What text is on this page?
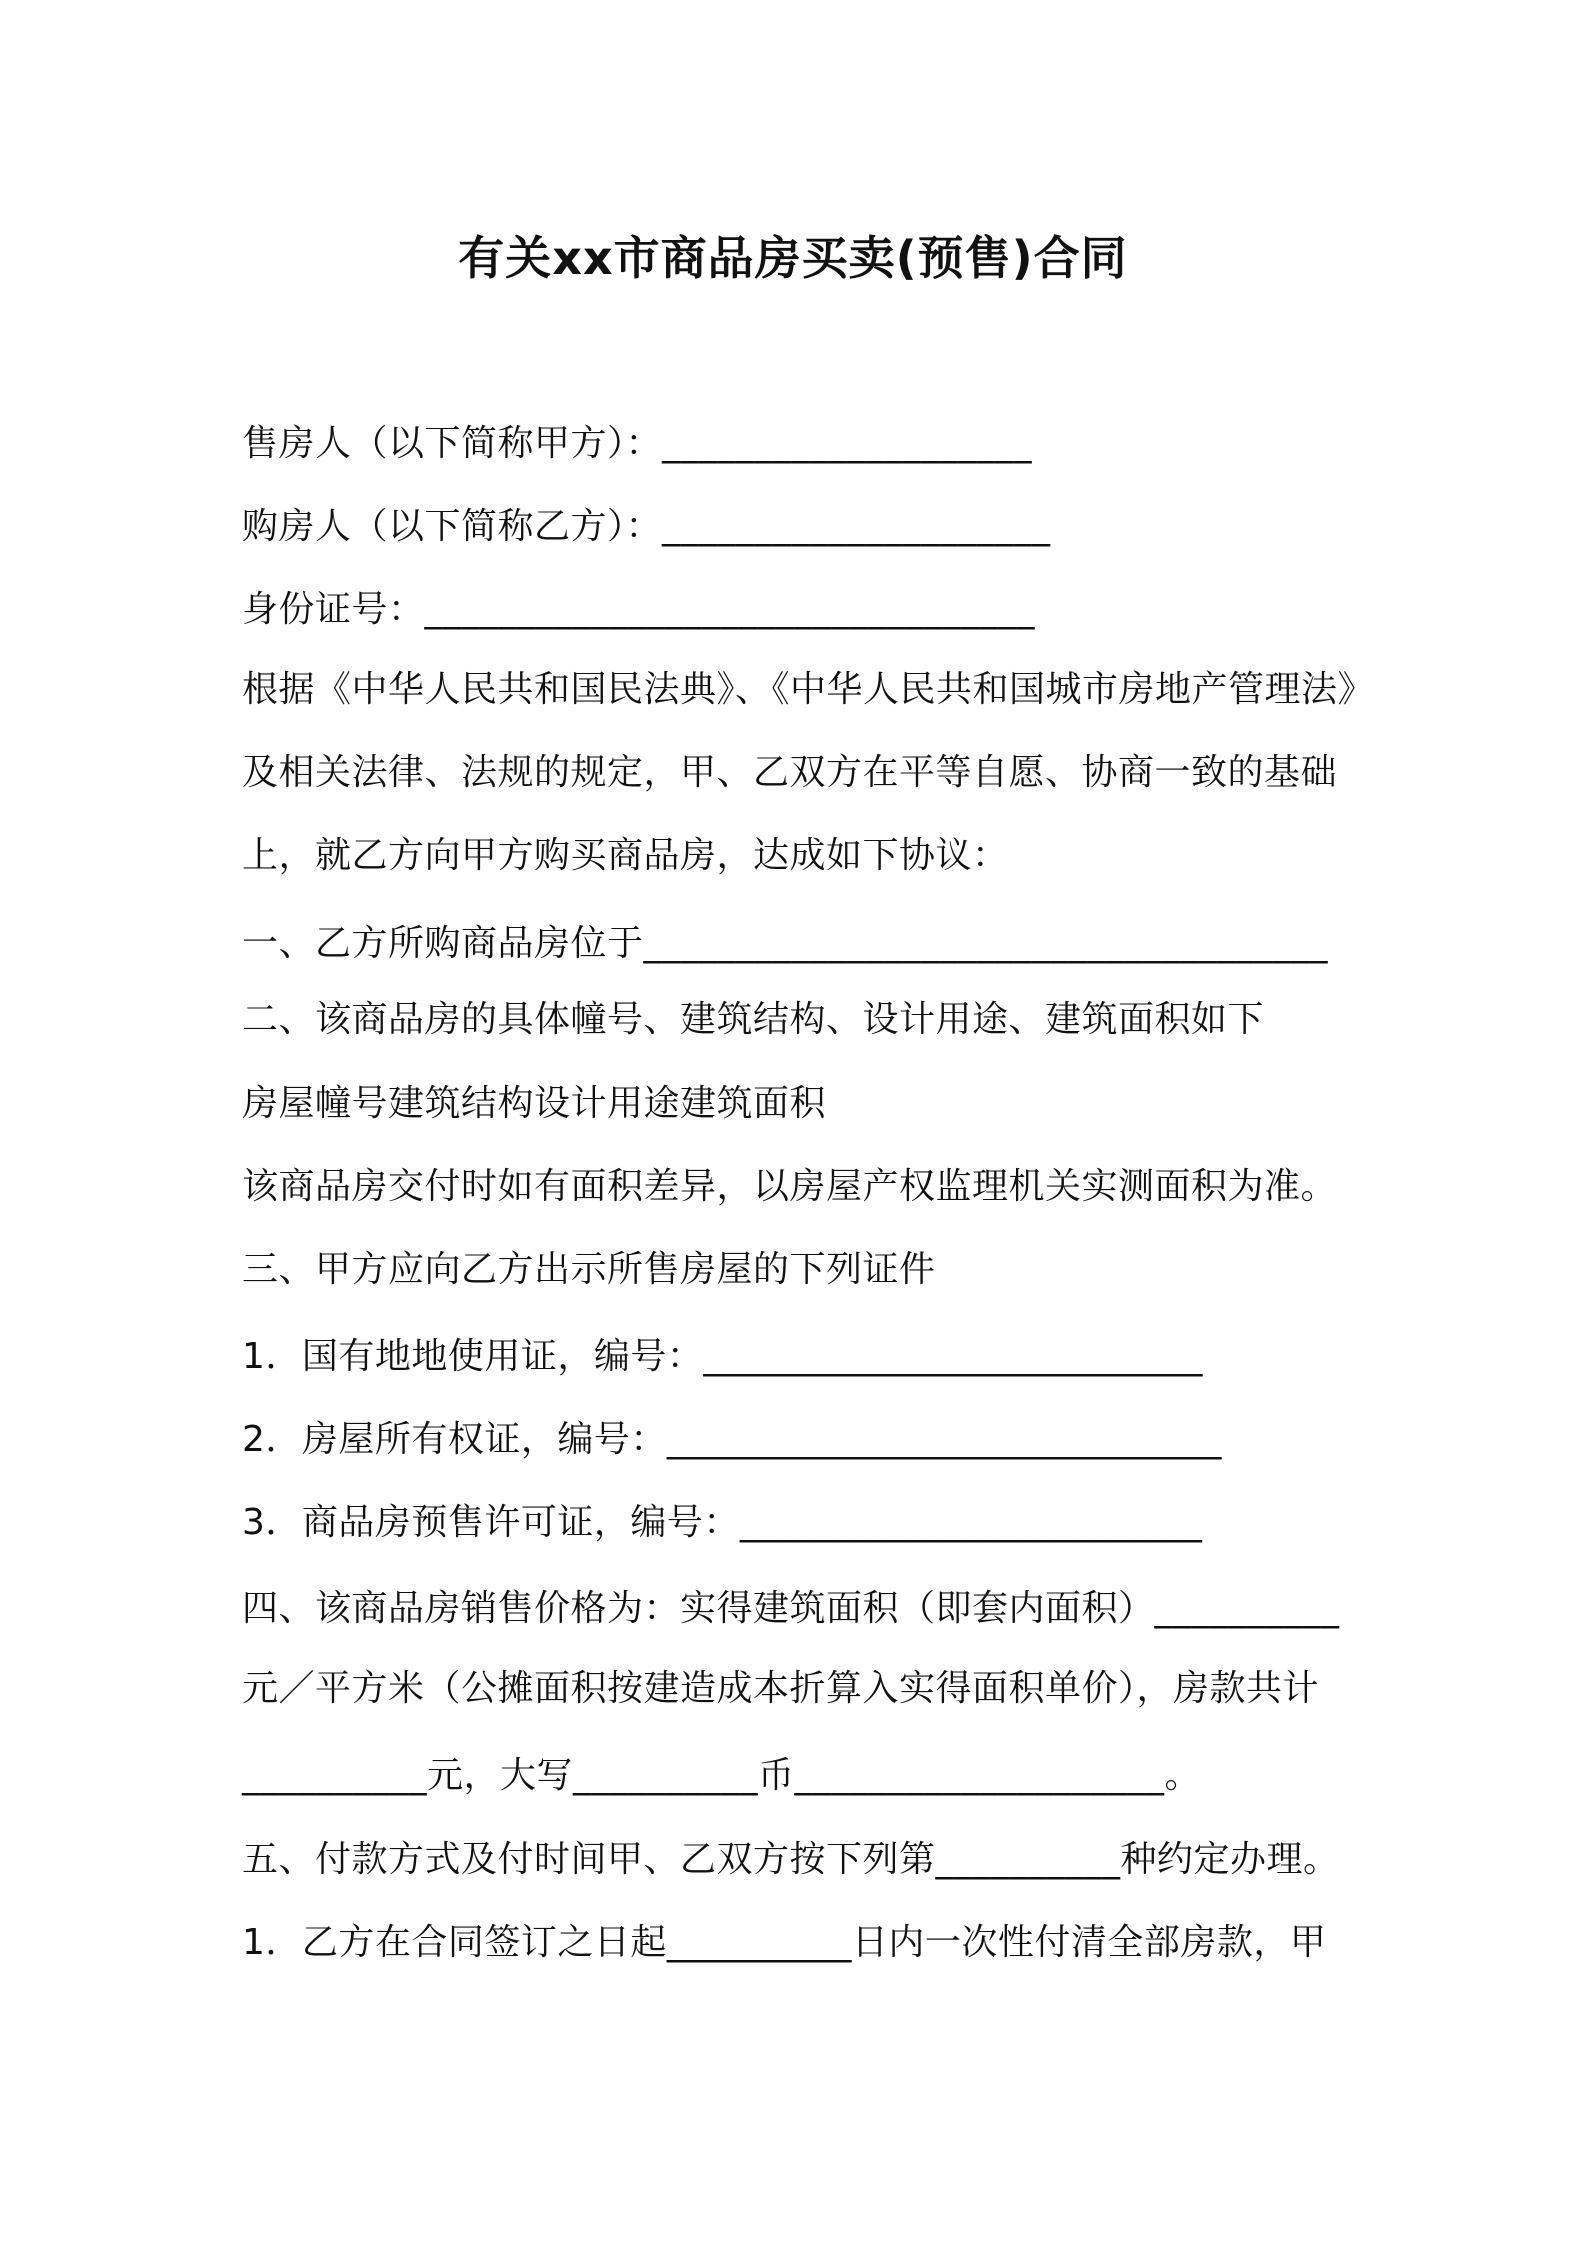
有关xx市商品房买卖(预售)合同
售房人（以下简称甲方）：____________________
购房人（以下简称乙方）：_____________________
身份证号：_________________________________
根据《中华人民共和国民法典》、《中华人民共和国城市房地产管理法》
及相关法律、法规的规定，甲、乙双方在平等自愿、协商一致的基础
上，就乙方向甲方购买商品房，达成如下协议：
一、乙方所购商品房位于_____________________________________
二、该商品房的具体幢号、建筑结构、设计用途、建筑面积如下
房屋幢号建筑结构设计用途建筑面积
该商品房交付时如有面积差异，以房屋产权监理机关实测面积为准。
三、甲方应向乙方出示所售房屋的下列证件
1．国有地地使用证，编号：___________________________
2．房屋所有权证，编号：______________________________
3．商品房预售许可证，编号：_________________________
四、该商品房销售价格为：实得建筑面积（即套内面积）__________
元／平方米（公摊面积按建造成本折算入实得面积单价），房款共计
__________元，大写__________币____________________。
五、付款方式及付时间甲、乙双方按下列第__________种约定办理。
1．乙方在合同签订之日起__________日内一次性付清全部房款，甲
